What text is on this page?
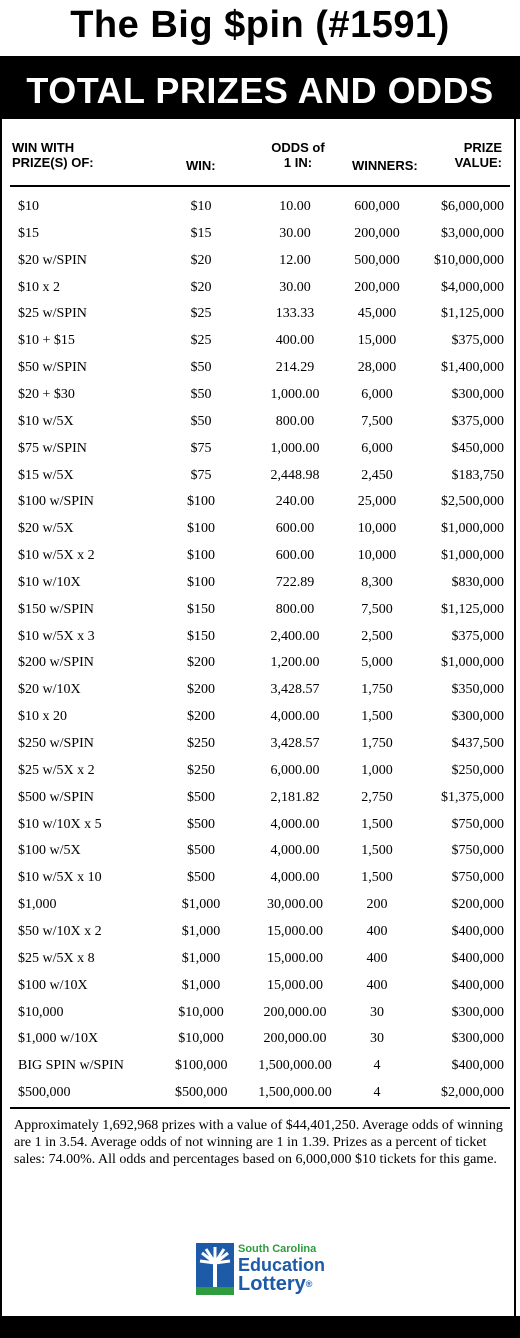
The Big $pin (#1591)
TOTAL PRIZES AND ODDS
WIN WITH
PRIZE(S) OF:	WIN:
ODDS of
1 IN:	WINNERS:
PRIZE
VALUE:
$10	$10	10.00	600,000	$6,000,000
$15	$15	30.00	200,000	$3,000,000
$20 w/SPIN	$20	12.00	500,000	$10,000,000
$10 x 2	$20	30.00	200,000	$4,000,000
$25 w/SPIN	$25	133.33	45,000	$1,125,000
$10 + $15	$25	400.00	15,000	$375,000
$50 w/SPIN	$50	214.29	28,000	$1,400,000
$20 + $30	$50	1,000.00	6,000	$300,000
$10 w/5X	$50	800.00	7,500	$375,000
$75 w/SPIN	$75	1,000.00	6,000	$450,000
$15 w/5X	$75	2,448.98	2,450	$183,750
$100 w/SPIN	$100	240.00	25,000	$2,500,000
$20 w/5X	$100	600.00	10,000	$1,000,000
$10 w/5X x 2	$100	600.00	10,000	$1,000,000
$10 w/10X	$100	722.89	8,300	$830,000
$150 w/SPIN	$150	800.00	7,500	$1,125,000
$10 w/5X x 3	$150	2,400.00	2,500	$375,000
$200 w/SPIN	$200	1,200.00	5,000	$1,000,000
$20 w/10X	$200	3,428.57	1,750	$350,000
$10 x 20	$200	4,000.00	1,500	$300,000
$250 w/SPIN	$250	3,428.57	1,750	$437,500
$25 w/5X x 2	$250	6,000.00	1,000	$250,000
$500 w/SPIN	$500	2,181.82	2,750	$1,375,000
$10 w/10X x 5	$500	4,000.00	1,500	$750,000
$100 w/5X	$500	4,000.00	1,500	$750,000
$10 w/5X x 10	$500	4,000.00	1,500	$750,000
$1,000	$1,000	30,000.00	200	$200,000
$50 w/10X x 2	$1,000	15,000.00	400	$400,000
$25 w/5X x 8	$1,000	15,000.00	400	$400,000
$100 w/10X	$1,000	15,000.00	400	$400,000
$10,000	$10,000	200,000.00	30	$300,000
$1,000 w/10X	$10,000	200,000.00	30	$300,000
BIG SPIN w/SPIN	$100,000	1,500,000.00	4	$400,000
$500,000	$500,000	1,500,000.00	4	$2,000,000
Approximately 1,692,968 prizes with a value of $44,401,250. Average odds of winning are 1 in 3.54. Average odds of not winning are 1 in 1.39. Prizes as a percent of ticket sales: 74.00%. All odds and percentages based on 6,000,000 $10 tickets for this game.
South Carolina
Education
Lottery®
